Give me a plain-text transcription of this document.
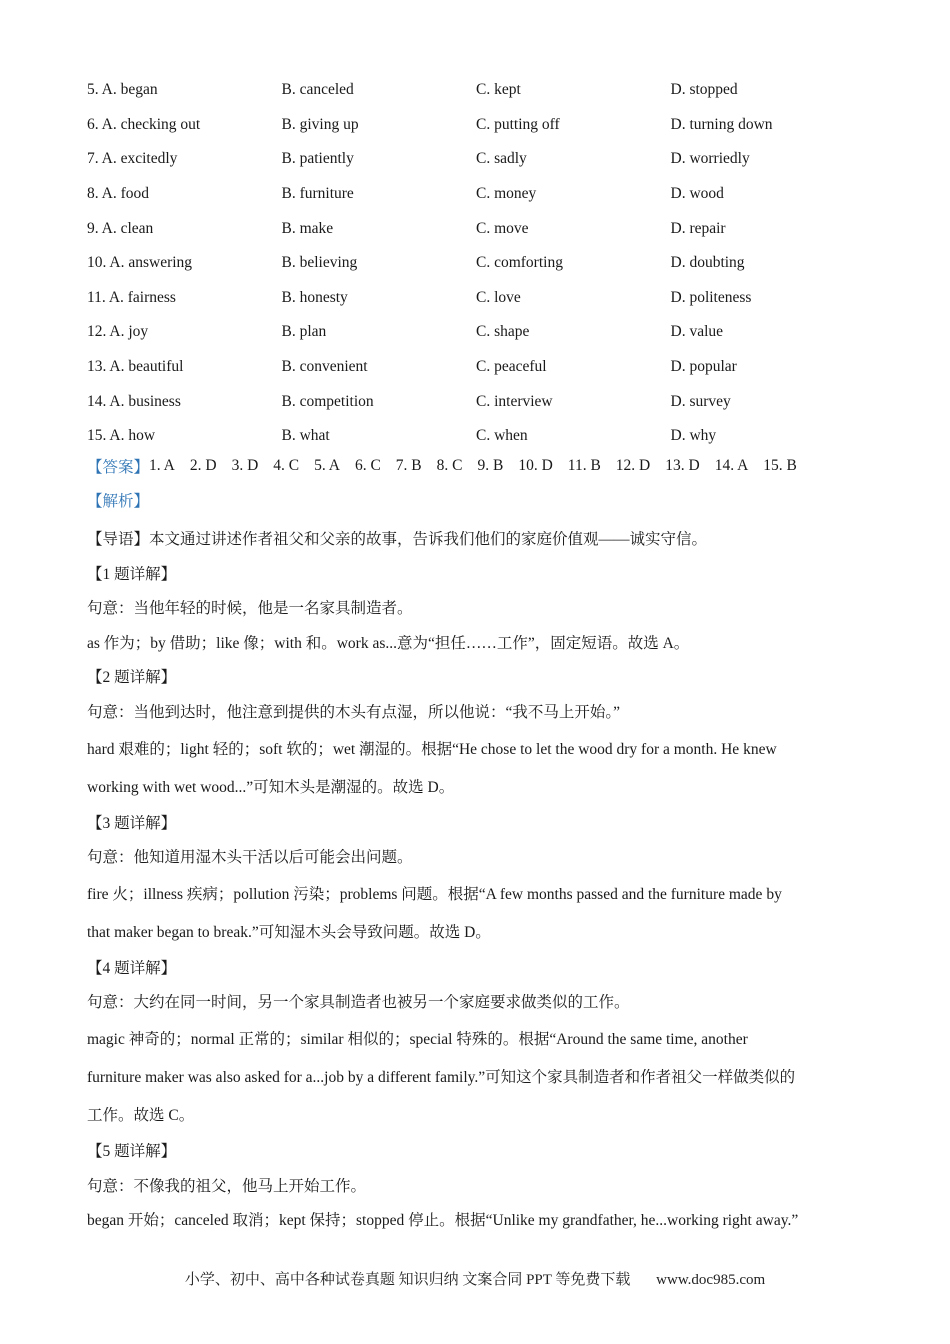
5. A. began	B. canceled	C. kept	D. stopped
6. A. checking out	B. giving up	C. putting off	D. turning down
7. A. excitedly	B. patiently	C. sadly	D. worriedly
8. A. food	B. furniture	C. money	D. wood
9. A. clean	B. make	C. move	D. repair
10. A. answering	B. believing	C. comforting	D. doubting
11. A. fairness	B. honesty	C. love	D. politeness
12. A. joy	B. plan	C. shape	D. value
13. A. beautiful	B. convenient	C. peaceful	D. popular
14. A. business	B. competition	C. interview	D. survey
15. A. how	B. what	C. when	D. why
【答案】 1. A 2. D 3. D 4. C 5. A 6. C 7. B 8. C 9. B 10. D 11. B 12. D 13. D 14. A 15. B
【解析】
【导语】本文通过讲述作者祖父和父亲的故事，告诉我们他们的家庭价值观——诚实守信。
【1 题详解】
句意：当他年轻的时候，他是一名家具制造者。
as 作为；by 借助；like 像；with 和。work as...意为“担任……工作”，固定短语。故选 A。
【2 题详解】
句意：当他到达时，他注意到提供的木头有点湿，所以他说：“我不马上开始。”
hard 艰难的；light 轻的；soft 软的；wet 潮湿的。根据“He chose to let the wood dry for a month. He knew
working with wet wood...”可知木头是潮湿的。故选 D。
【3 题详解】
句意：他知道用湿木头干活以后可能会出问题。
fire 火；illness 疾病；pollution 污染；problems 问题。根据“A few months passed and the furniture made by
that maker began to break.”可知湿木头会导致问题。故选 D。
【4 题详解】
句意：大约在同一时间，另一个家具制造者也被另一个家庭要求做类似的工作。
magic 神奇的；normal 正常的；similar 相似的；special 特殊的。根据“Around the same time, another
furniture maker was also asked for a...job by a different family.”可知这个家具制造者和作者祖父一样做类似的
工作。故选 C。
【5 题详解】
句意：不像我的祖父，他马上开始工作。
began 开始；canceled 取消；kept 保持；stopped 停止。根据“Unlike my grandfather, he...working right away.”
小学、初中、高中各种试卷真题 知识归纳 文案合同 PPT 等免费下载 www.doc985.com
